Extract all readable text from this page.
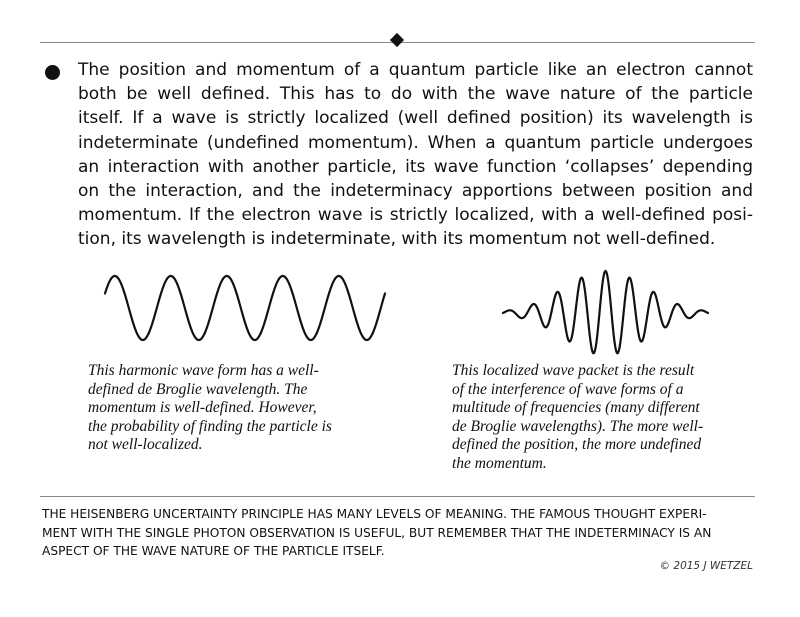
The position and momentum of a quantum particle like an electron cannot
both be well defined. This has to do with the wave nature of the particle
itself. If a wave is strictly localized (well defined position) its wavelength is
indeterminate (undefined momentum). When a quantum particle undergoes
an interaction with another particle, its wave function ‘collapses’ depending
on the interaction, and the indeterminacy apportions between position and
momentum. If the electron wave is strictly localized, with a well-defined posi-
tion, its wavelength is indeterminate, with its momentum not well-defined.

This harmonic wave form has a well-
defined de Broglie wavelength. The
momentum is well-defined. However,
the probability of finding the particle is
not well-localized.

This localized wave packet is the result
of the interference of wave forms of a
multitude of frequencies (many different
de Broglie wavelengths). The more well-
defined the position, the more undefined
the momentum.

THE HEISENBERG UNCERTAINTY PRINCIPLE HAS MANY LEVELS OF MEANING. THE FAMOUS THOUGHT EXPERI-
MENT WITH THE SINGLE PHOTON OBSERVATION IS USEFUL, BUT REMEMBER THAT THE INDETERMINACY IS AN
ASPECT OF THE WAVE NATURE OF THE PARTICLE ITSELF.

© 2015 J WETZEL
